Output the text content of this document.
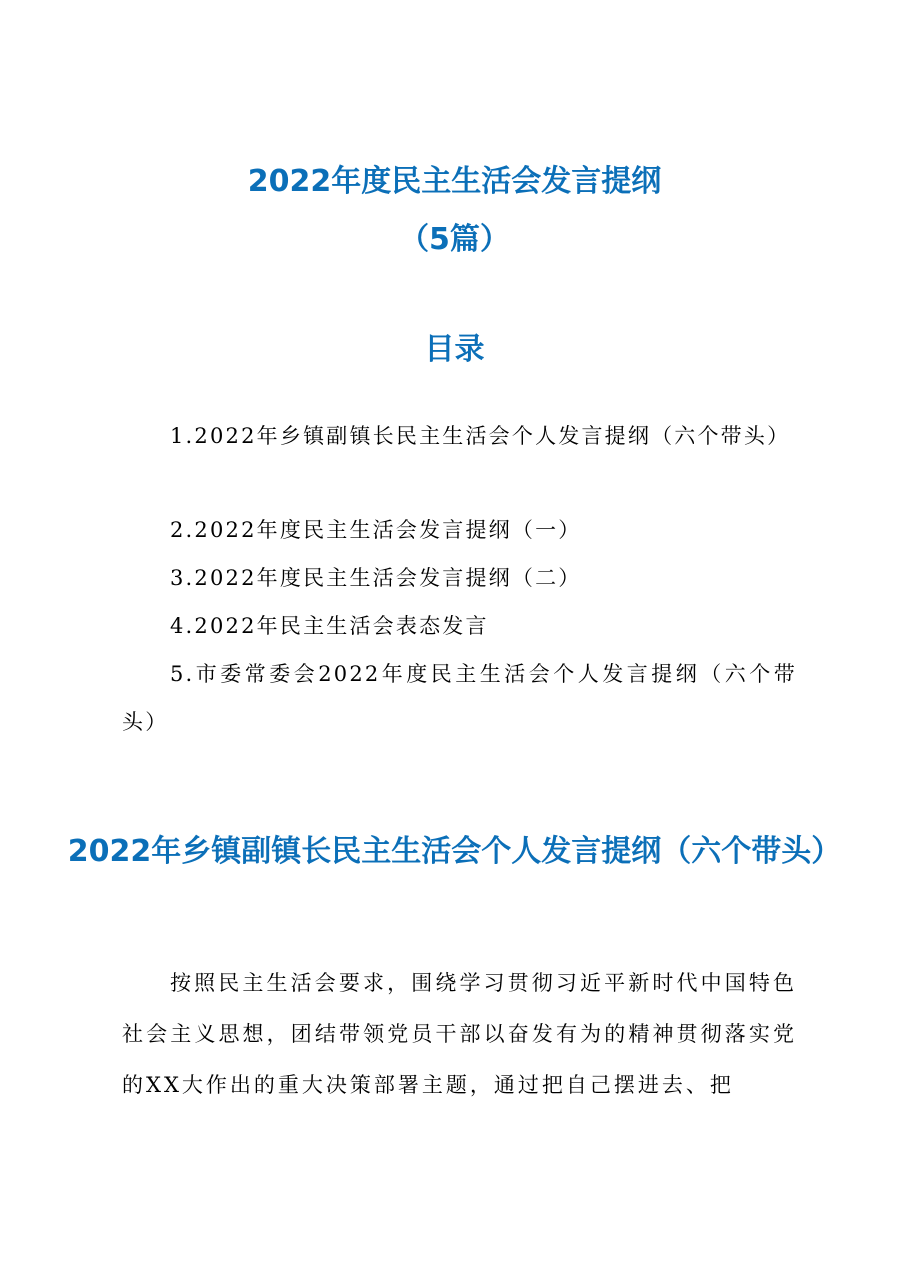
2022年度民主生活会发言提纲
（5篇）
目录
1.2022年乡镇副镇长民主生活会个人发言提纲（六个带头）
2.2022年度民主生活会发言提纲（一）
3.2022年度民主生活会发言提纲（二）
4.2022年民主生活会表态发言
5.市委常委会2022年度民主生活会个人发言提纲（六个带头）
2022年乡镇副镇长民主生活会个人发言提纲（六个带头）
按照民主生活会要求，围绕学习贯彻习近平新时代中国特色社会主义思想，团结带领党员干部以奋发有为的精神贯彻落实党的XX大作出的重大决策部署主题，通过把自己摆进去、把
